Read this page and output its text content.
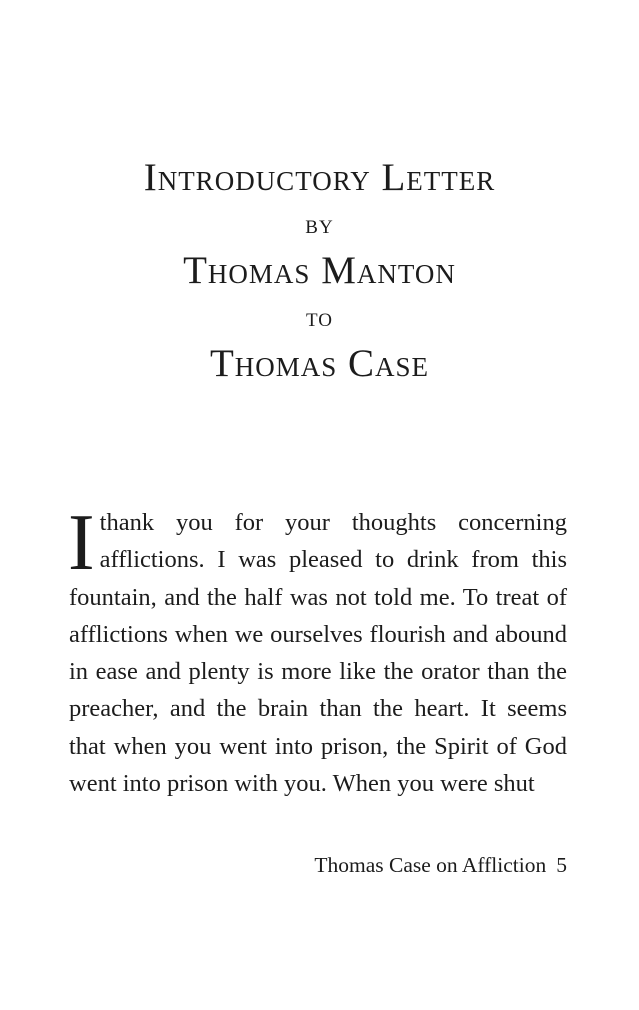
Introductory Letter
by
Thomas Manton
to
Thomas Case
I thank you for your thoughts concerning afflictions. I was pleased to drink from this fountain, and the half was not told me. To treat of afflictions when we ourselves flourish and abound in ease and plenty is more like the orator than the preacher, and the brain than the heart. It seems that when you went into prison, the Spirit of God went into prison with you. When you were shut
Thomas Case on Affliction 5
